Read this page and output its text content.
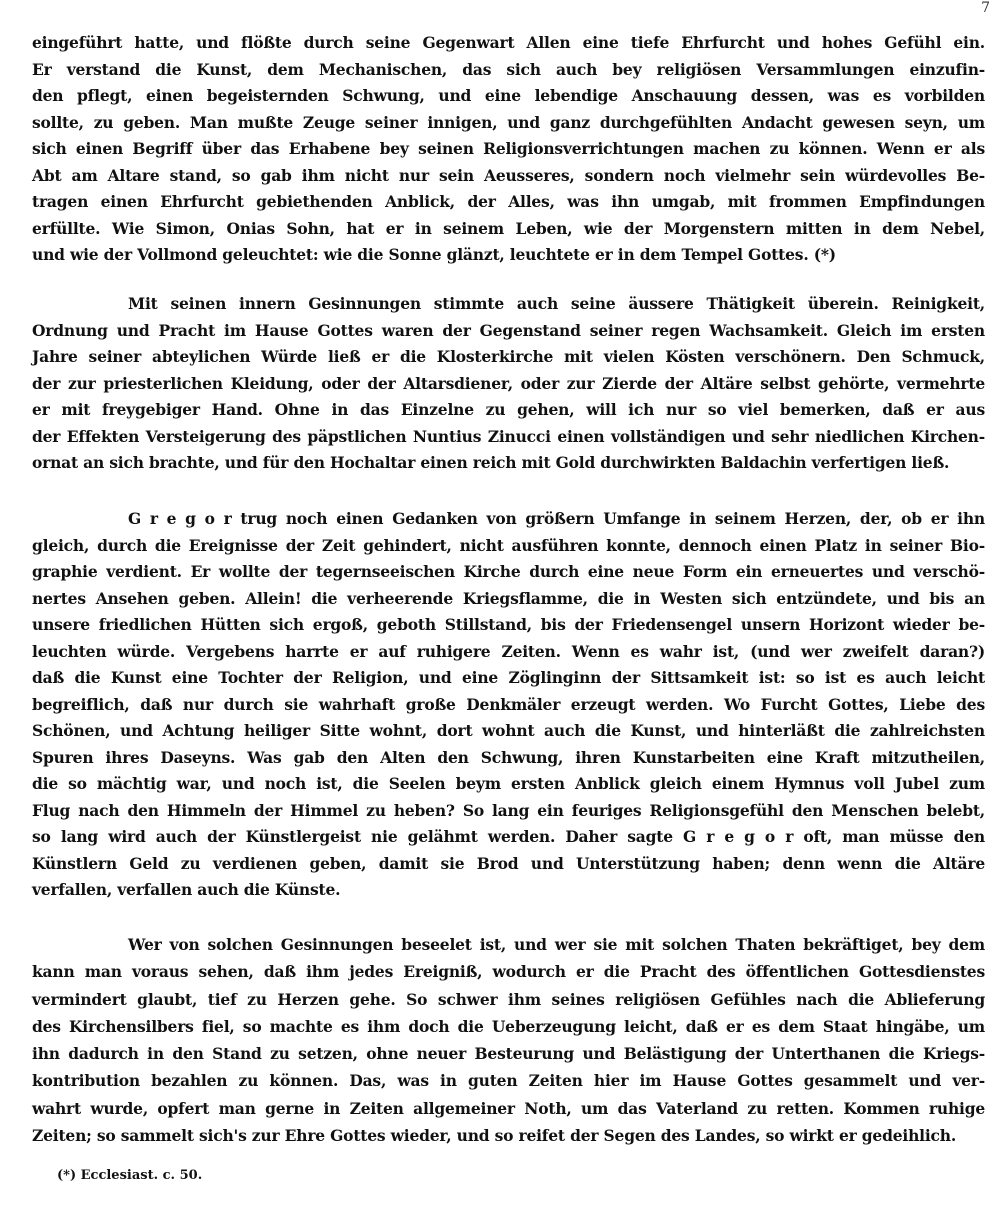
7
eingeführt hatte, und flößte durch seine Gegenwart Allen eine tiefe Ehrfurcht und hohes Gefühl ein.
Er verstand die Kunst, dem Mechanischen, das sich auch bey religiösen Versammlungen einzufin-
den pflegt, einen begeisternden Schwung, und eine lebendige Anschauung dessen, was es vorbilden
sollte, zu geben. Man mußte Zeuge seiner innigen, und ganz durchgefühlten Andacht gewesen seyn, um
sich einen Begriff über das Erhabene bey seinen Religionsverrichtungen machen zu können. Wenn er als
Abt am Altare stand, so gab ihm nicht nur sein Aeusseres, sondern noch vielmehr sein würdevolles Be-
tragen einen Ehrfurcht gebiethenden Anblick, der Alles, was ihn umgab, mit frommen Empfindungen
erfüllte. Wie Simon, Onias Sohn, hat er in seinem Leben, wie der Morgenstern mitten in dem Nebel,
und wie der Vollmond geleuchtet: wie die Sonne glänzt, leuchtete er in dem Tempel Gottes. (*)
Mit seinen innern Gesinnungen stimmte auch seine äussere Thätigkeit überein. Reinigkeit,
Ordnung und Pracht im Hause Gottes waren der Gegenstand seiner regen Wachsamkeit. Gleich im ersten
Jahre seiner abteylichen Würde ließ er die Klosterkirche mit vielen Kösten verschönern. Den Schmuck,
der zur priesterlichen Kleidung, oder der Altarsdiener, oder zur Zierde der Altäre selbst gehörte, vermehrte
er mit freygebiger Hand. Ohne in das Einzelne zu gehen, will ich nur so viel bemerken, daß er aus
der Effekten Versteigerung des päpstlichen Nuntius Zinucci einen vollständigen und sehr niedlichen Kirchen-
ornat an sich brachte, und für den Hochaltar einen reich mit Gold durchwirkten Baldachin verfertigen ließ.
G r e g o r trug noch einen Gedanken von größern Umfange in seinem Herzen, der, ob er ihn
gleich, durch die Ereignisse der Zeit gehindert, nicht ausführen konnte, dennoch einen Platz in seiner Bio-
graphie verdient. Er wollte der tegernseeischen Kirche durch eine neue Form ein erneuertes und verschö-
nertes Ansehen geben. Allein! die verheerende Kriegsflamme, die in Westen sich entzündete, und bis an
unsere friedlichen Hütten sich ergoß, geboth Stillstand, bis der Friedensengel unsern Horizont wieder be-
leuchten würde. Vergebens harrte er auf ruhigere Zeiten. Wenn es wahr ist, (und wer zweifelt daran?)
daß die Kunst eine Tochter der Religion, und eine Zöglinginn der Sittsamkeit ist: so ist es auch leicht
begreiflich, daß nur durch sie wahrhaft große Denkmäler erzeugt werden. Wo Furcht Gottes, Liebe des
Schönen, und Achtung heiliger Sitte wohnt, dort wohnt auch die Kunst, und hinterläßt die zahlreichsten
Spuren ihres Daseyns. Was gab den Alten den Schwung, ihren Kunstarbeiten eine Kraft mitzutheilen,
die so mächtig war, und noch ist, die Seelen beym ersten Anblick gleich einem Hymnus voll Jubel zum
Flug nach den Himmeln der Himmel zu heben? So lang ein feuriges Religionsgefühl den Menschen belebt,
so lang wird auch der Künstlergeist nie gelähmt werden. Daher sagte G r e g o r oft, man müsse den
Künstlern Geld zu verdienen geben, damit sie Brod und Unterstützung haben; denn wenn die Altäre
verfallen, verfallen auch die Künste.
Wer von solchen Gesinnungen beseelet ist, und wer sie mit solchen Thaten bekräftiget, bey dem
kann man voraus sehen, daß ihm jedes Ereigniß, wodurch er die Pracht des öffentlichen Gottesdienstes
vermindert glaubt, tief zu Herzen gehe. So schwer ihm seines religiösen Gefühles nach die Ablieferung
des Kirchensilbers fiel, so machte es ihm doch die Ueberzeugung leicht, daß er es dem Staat hingäbe, um
ihn dadurch in den Stand zu setzen, ohne neuer Besteurung und Belästigung der Unterthanen die Kriegs-
kontribution bezahlen zu können. Das, was in guten Zeiten hier im Hause Gottes gesammelt und ver-
wahrt wurde, opfert man gerne in Zeiten allgemeiner Noth, um das Vaterland zu retten. Kommen ruhige
Zeiten; so sammelt sich's zur Ehre Gottes wieder, und so reifet der Segen des Landes, so wirkt er gedeihlich.
(*) Ecclesiast. c. 50.
